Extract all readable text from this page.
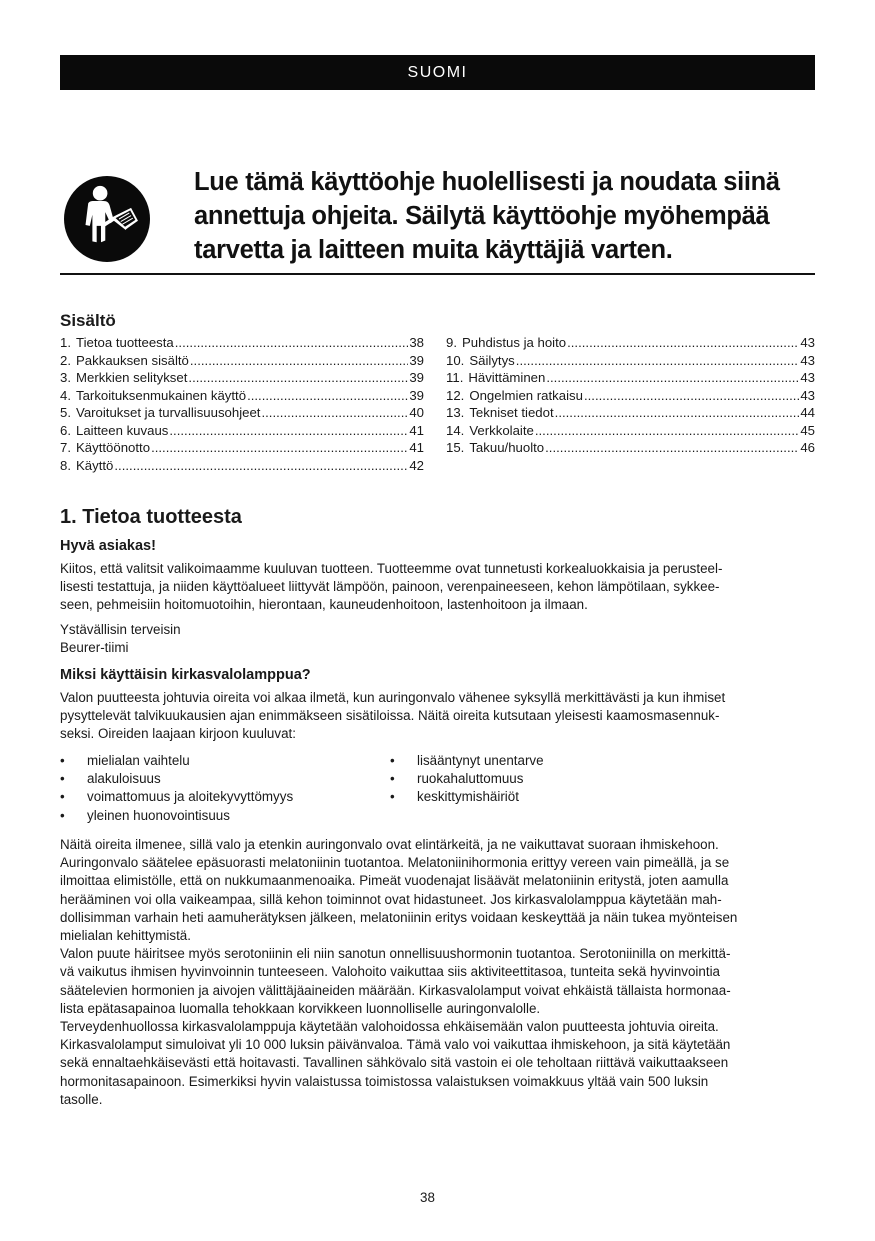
SUOMI
Lue tämä käyttöohje huolellisesti ja noudata siinä
annettuja ohjeita. Säilytä käyttöohje myöhempää
tarvetta ja laitteen muita käyttäjiä varten.
Sisältö
1. Tietoa tuotteesta .....	38
2. Pakkauksen sisältö .....	39
3. Merkkien selitykset .....	39
4. Tarkoituksenmukainen käyttö .....	39
5. Varoitukset ja turvallisuusohjeet .....	40
6. Laitteen kuvaus .....	41
7. Käyttöönotto .....	41
8. Käyttö .....	42
9. Puhdistus ja hoito .....	43
10. Säilytys .....	43
11. Hävittäminen .....	43
12. Ongelmien ratkaisu .....	43
13. Tekniset tiedot .....	44
14. Verkkolaite .....	45
15. Takuu/huolto .....	46
1. Tietoa tuotteesta
Hyvä asiakas!
Kiitos, että valitsit valikoimaamme kuuluvan tuotteen. Tuotteemme ovat tunnetusti korkealuokkaisia ja perusteel-
lisesti testattuja, ja niiden käyttöalueet liittyvät lämpöön, painoon, verenpaineeseen, kehon lämpötilaan, sykkee-
seen, pehmeisiin hoitomuotoihin, hierontaan, kauneudenhoitoon, lastenhoitoon ja ilmaan.
Ystävällisin terveisin
Beurer-tiimi
Miksi käyttäisin kirkasvalolamppua?
Valon puutteesta johtuvia oireita voi alkaa ilmetä, kun auringonvalo vähenee syksyllä merkittävästi ja kun ihmiset
pysyttelevät talvikuukausien ajan enimmäkseen sisätiloissa. Näitä oireita kutsutaan yleisesti kaamosmasennuk-
seksi. Oireiden laajaan kirjoon kuuluvat:
• mielialan vaihtelu
• alakuloisuus
• voimattomuus ja aloitekyvyttömyys
• yleinen huonovointisuus
• lisääntynyt unentarve
• ruokahaluttomuus
• keskittymishäiriöt
Näitä oireita ilmenee, sillä valo ja etenkin auringonvalo ovat elintärkeitä, ja ne vaikuttavat suoraan ihmiskehoon.
Auringonvalo säätelee epäsuorasti melatoniinin tuotantoa. Melatoniinihormonia erittyy vereen vain pimeällä, ja se
ilmoittaa elimistölle, että on nukkumaanmenoaika. Pimeät vuodenajat lisäävät melatoniinin eritystä, joten aamulla
herääminen voi olla vaikeampaa, sillä kehon toiminnot ovat hidastuneet. Jos kirkasvalolamppua käytetään mah-
dollisimman varhain heti aamuherätyksen jälkeen, melatoniinin eritys voidaan keskeyttää ja näin tukea myönteisen
mielialan kehittymistä.
Valon puute häiritsee myös serotoniinin eli niin sanotun onnellisuushormonin tuotantoa. Serotoniinilla on merkittä-
vä vaikutus ihmisen hyvinvoinnin tunteeseen. Valohoito vaikuttaa siis aktiviteettitasoa, tunteita sekä hyvinvointia
säätelevien hormonien ja aivojen välittäjäaineiden määrään. Kirkasvalolamput voivat ehkäistä tällaista hormonaa-
lista epätasapainoa luomalla tehokkaan korvikkeen luonnolliselle auringonvalolle.
Terveydenhuollossa kirkasvalolamppuja käytetään valohoidossa ehkäisemään valon puutteesta johtuvia oireita.
Kirkasvalolamput simuloivat yli 10 000 luksin päivänvaloa. Tämä valo voi vaikuttaa ihmiskehoon, ja sitä käytetään
sekä ennaltaehkäisevästi että hoitavasti. Tavallinen sähkövalo sitä vastoin ei ole teholtaan riittävä vaikuttaakseen
hormonitasapainoon. Esimerkiksi hyvin valaistussa toimistossa valaistuksen voimakkuus yltää vain 500 luksin
tasolle.
38
